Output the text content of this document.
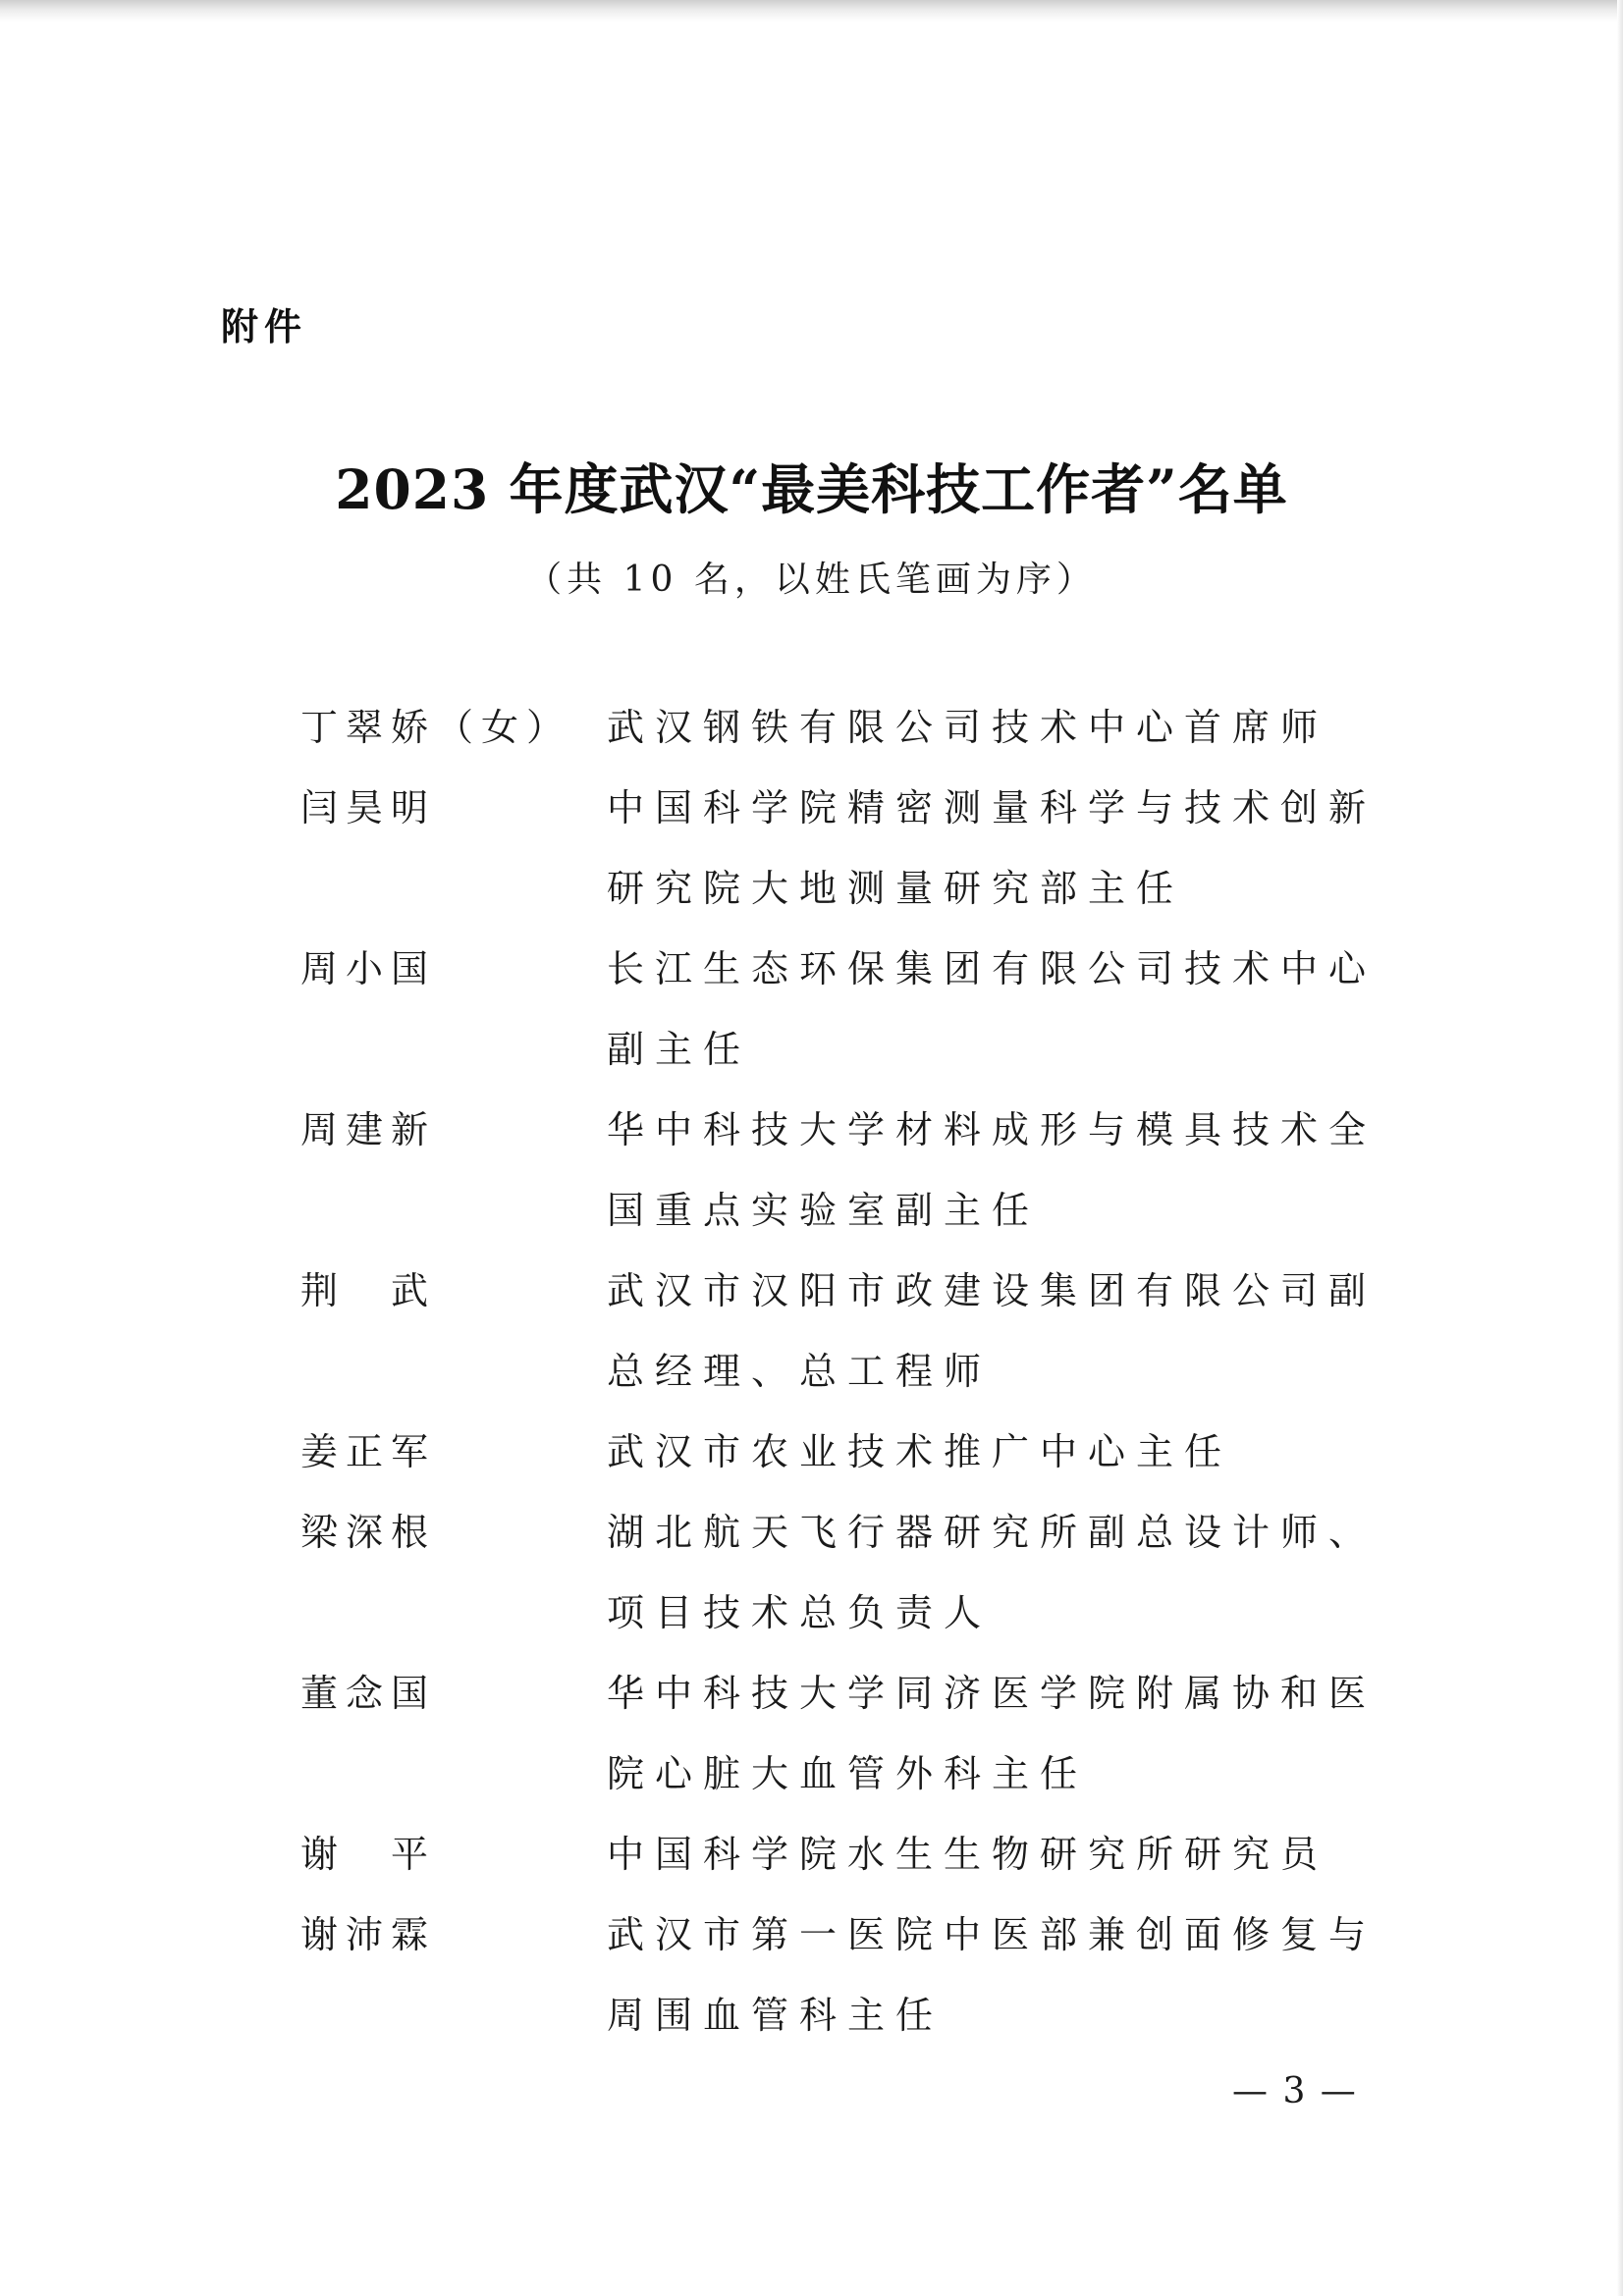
附件
2023 年度武汉“最美科技工作者”名单
（共 10 名，以姓氏笔画为序）
丁翠娇（女） 武汉钢铁有限公司技术中心首席师
闫昊明	中国科学院精密测量科学与技术创新研究院大地测量研究部主任
周小国	长江生态环保集团有限公司技术中心副主任
周建新	华中科技大学材料成形与模具技术全国重点实验室副主任
荆　武	武汉市汉阳市政建设集团有限公司副总经理、总工程师
姜正军	武汉市农业技术推广中心主任
梁深根	湖北航天飞行器研究所副总设计师、项目技术总负责人
董念国	华中科技大学同济医学院附属协和医院心脏大血管外科主任
谢　平	中国科学院水生生物研究所研究员
谢沛霖	武汉市第一医院中医部兼创面修复与周围血管科主任
— 3 —
